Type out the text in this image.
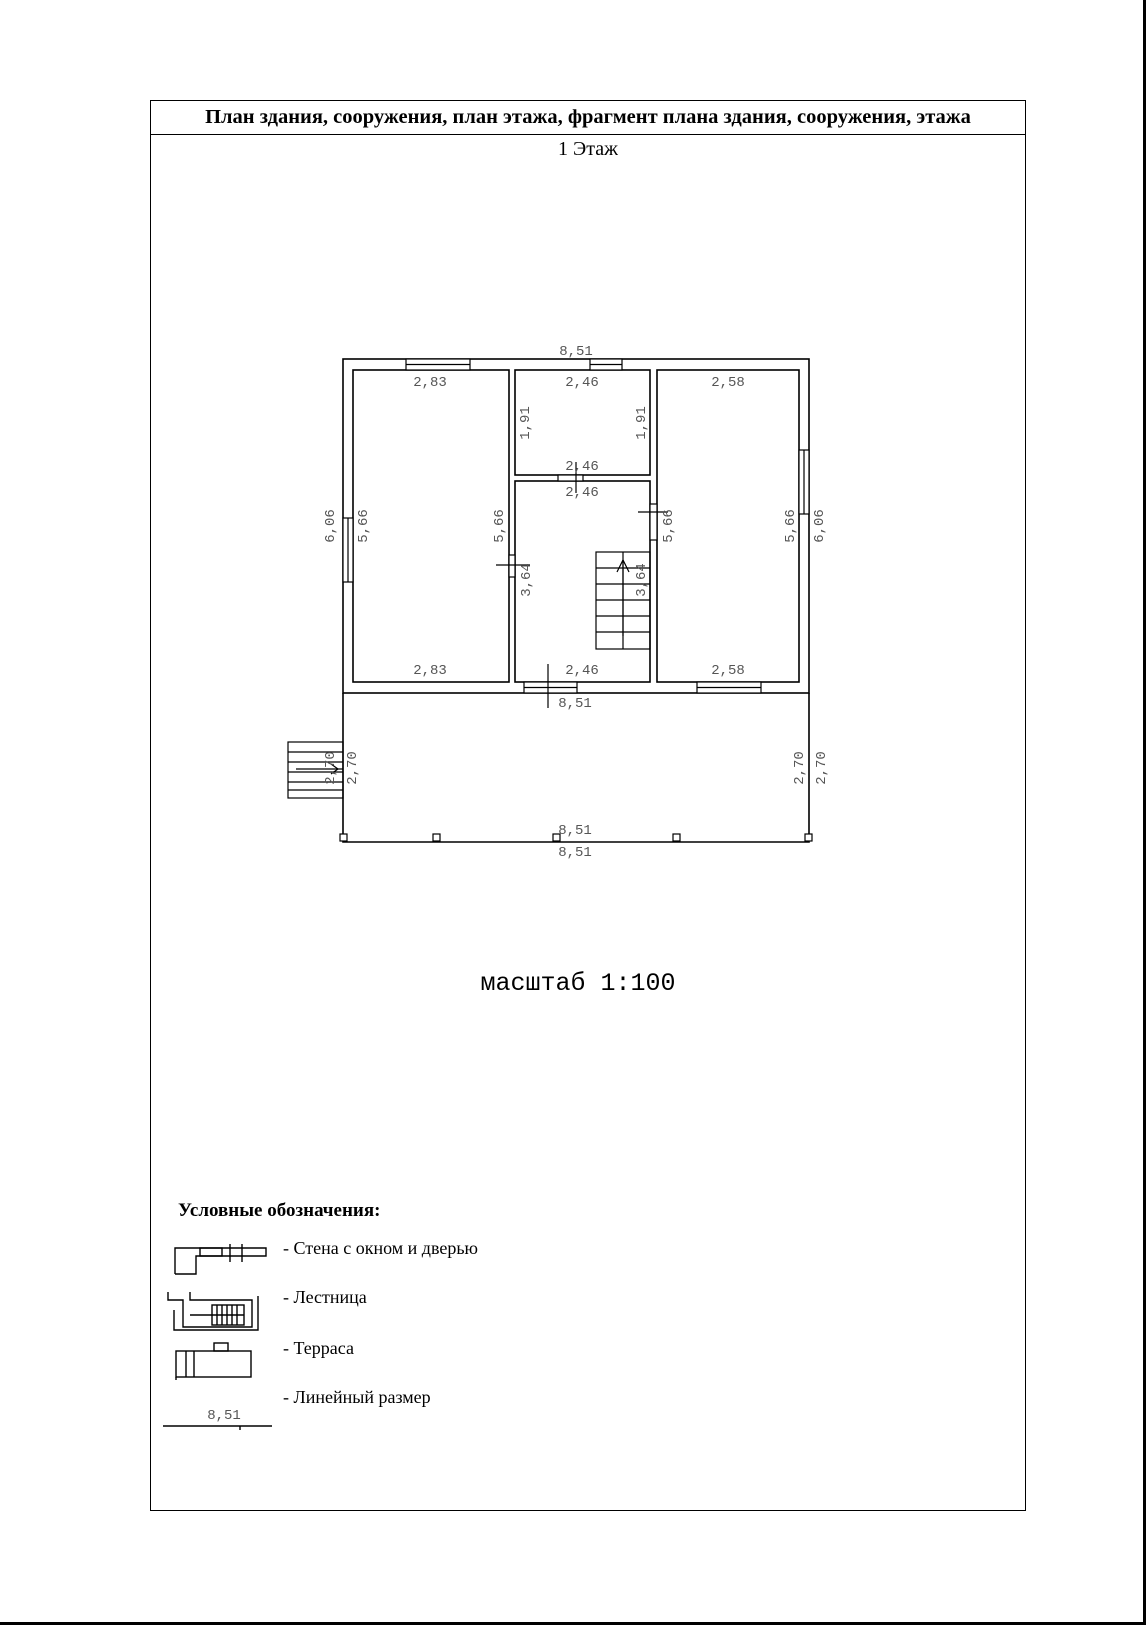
План здания, сооружения, план этажа, фрагмент плана здания, сооружения, этажа
1 Этаж
масштаб 1:100
Условные обозначения:
- Стена с окном и дверью
- Лестница
- Терраса
- Линейный размер
8,51
2,83	2,46	2,58
2,46
2,46
2,83	2,46	2,58
8,51
8,51
8,51
1,91	1,91
6,06 5,66	5,66
3,64	3,64
5,66	5,66 6,06
2,70 2,70	2,70 2,70
8,51
